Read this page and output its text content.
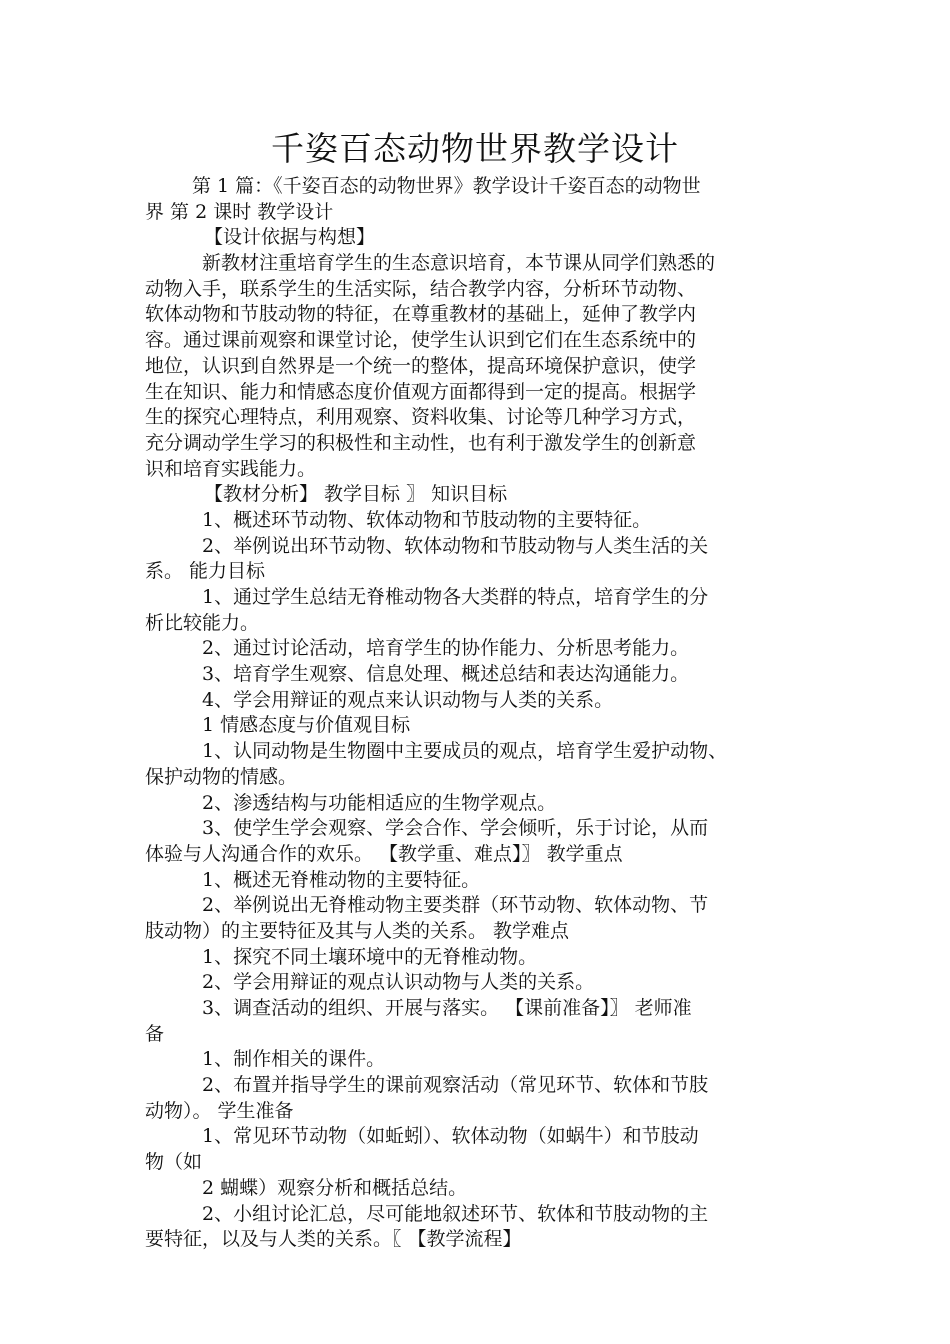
千姿百态动物世界教学设计
第 1 篇：《千姿百态的动物世界》教学设计千姿百态的动物世
界 第 2 课时 教学设计
【设计依据与构想】
新教材注重培育学生的生态意识培育，本节课从同学们熟悉的
动物入手，联系学生的生活实际，结合教学内容，分析环节动物、
软体动物和节肢动物的特征，在尊重教材的基础上，延伸了教学内
容。通过课前观察和课堂讨论，使学生认识到它们在生态系统中的
地位，认识到自然界是一个统一的整体，提高环境保护意识，使学
生在知识、能力和情感态度价值观方面都得到一定的提高。根据学
生的探究心理特点，利用观察、资料收集、讨论等几种学习方式，
充分调动学生学习的积极性和主动性，也有利于激发学生的创新意
识和培育实践能力。
【教材分析】 教学目标 〗 知识目标
1、概述环节动物、软体动物和节肢动物的主要特征。
2、举例说出环节动物、软体动物和节肢动物与人类生活的关
系。 能力目标
1、通过学生总结无脊椎动物各大类群的特点，培育学生的分
析比较能力。
2、通过讨论活动，培育学生的协作能力、分析思考能力。
3、培育学生观察、信息处理、概述总结和表达沟通能力。
4、学会用辩证的观点来认识动物与人类的关系。
1 情感态度与价值观目标
1、认同动物是生物圈中主要成员的观点，培育学生爱护动物、
保护动物的情感。
2、渗透结构与功能相适应的生物学观点。
3、使学生学会观察、学会合作、学会倾听，乐于讨论，从而
体验与人沟通合作的欢乐。 【教学重、难点】〗 教学重点
1、概述无脊椎动物的主要特征。
2、举例说出无脊椎动物主要类群（环节动物、软体动物、节
肢动物）的主要特征及其与人类的关系。 教学难点
1、探究不同土壤环境中的无脊椎动物。
2、学会用辩证的观点认识动物与人类的关系。
3、调查活动的组织、开展与落实。 【课前准备】〗 老师准
备
1、制作相关的课件。
2、布置并指导学生的课前观察活动（常见环节、软体和节肢
动物）。 学生准备
1、常见环节动物（如蚯蚓）、软体动物（如蜗牛）和节肢动
物（如
2 蝴蝶）观察分析和概括总结。
2、小组讨论汇总，尽可能地叙述环节、软体和节肢动物的主
要特征，以及与人类的关系。〖 【教学流程】
